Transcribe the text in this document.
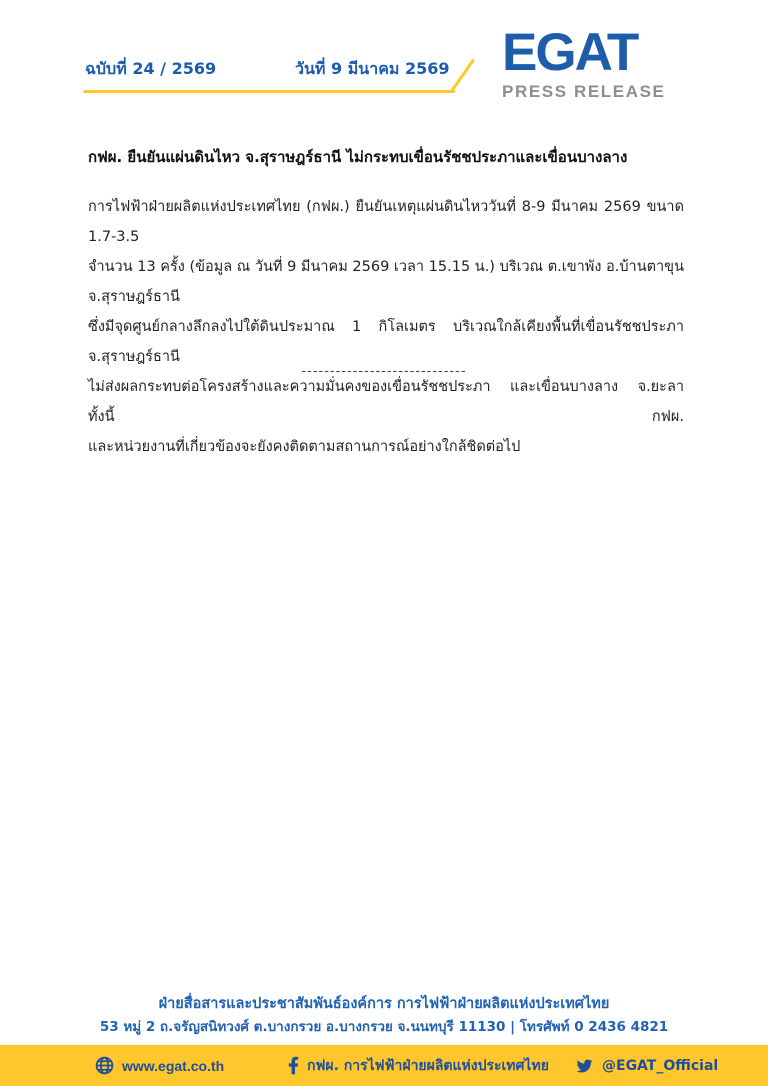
ฉบับที่ 24 / 2569	วันที่ 9 มีนาคม 2569 EGAT
PRESS RELEASE
กฟผ. ยืนยันแผ่นดินไหว จ.สุราษฎร์ธานี ไม่กระทบเขื่อนรัชชประภาและเขื่อนบางลาง
การไฟฟ้าฝ่ายผลิตแห่งประเทศไทย (กฟผ.) ยืนยันเหตุแผ่นดินไหววันที่ 8-9 มีนาคม 2569 ขนาด 1.7-3.5
จำนวน 13 ครั้ง (ข้อมูล ณ วันที่ 9 มีนาคม 2569 เวลา 15.15 น.) บริเวณ ต.เขาพัง อ.บ้านตาขุน จ.สุราษฎร์ธานี
ซึ่งมีจุดศูนย์กลางลึกลงไปใต้ดินประมาณ 1 กิโลเมตร บริเวณใกล้เคียงพื้นที่เขื่อนรัชชประภา จ.สุราษฎร์ธานี
ไม่ส่งผลกระทบต่อโครงสร้างและความมั่นคงของเขื่อนรัชชประภา และเขื่อนบางลาง จ.ยะลา ทั้งนี้ กฟผ.
และหน่วยงานที่เกี่ยวข้องจะยังคงติดตามสถานการณ์อย่างใกล้ชิดต่อไป
-----------------------------
ฝ่ายสื่อสารและประชาสัมพันธ์องค์การ การไฟฟ้าฝ่ายผลิตแห่งประเทศไทย
53 หมู่ 2 ถ.จรัญสนิทวงศ์ ต.บางกรวย อ.บางกรวย จ.นนทบุรี 11130 | โทรศัพท์ 0 2436 4821
www.egat.co.th	กฟผ. การไฟฟ้าฝ่ายผลิตแห่งประเทศไทย	@EGAT_Official
